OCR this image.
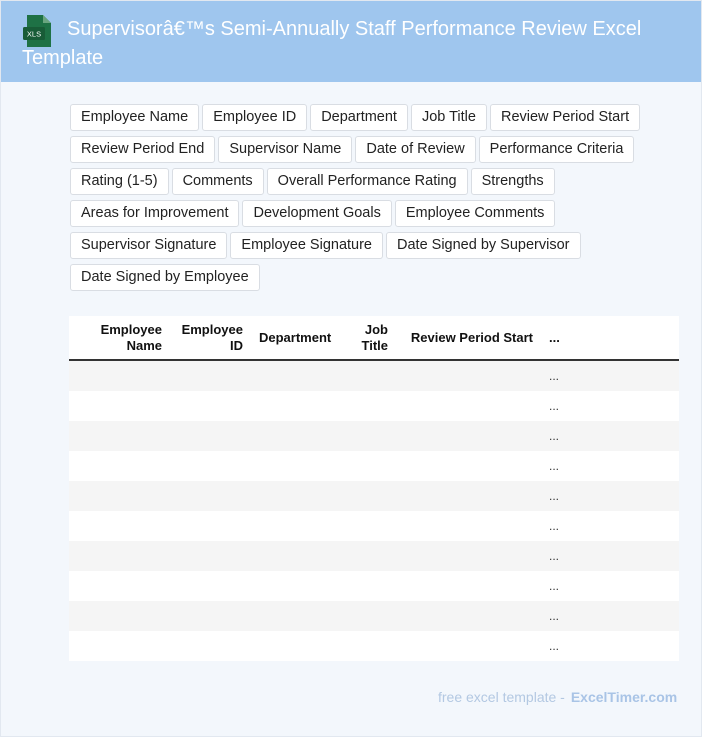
XLS	Supervisorâ€™s Semi-Annually Staff Performance Review Excel Template
Employee Name	Employee ID	Department	Job Title	Review Period Start
Review Period End	Supervisor Name	Date of Review	Performance Criteria
Rating (1-5)	Comments	Overall Performance Rating	Strengths
Areas for Improvement	Development Goals	Employee Comments
Supervisor Signature	Employee Signature	Date Signed by Supervisor
Date Signed by Employee
Employee Name	Employee ID	Department	Job Title	Review Period Start	...
					...
					...
					...
					...
					...
					...
					...
					...
					...
					...
free excel template - ExcelTimer.com
